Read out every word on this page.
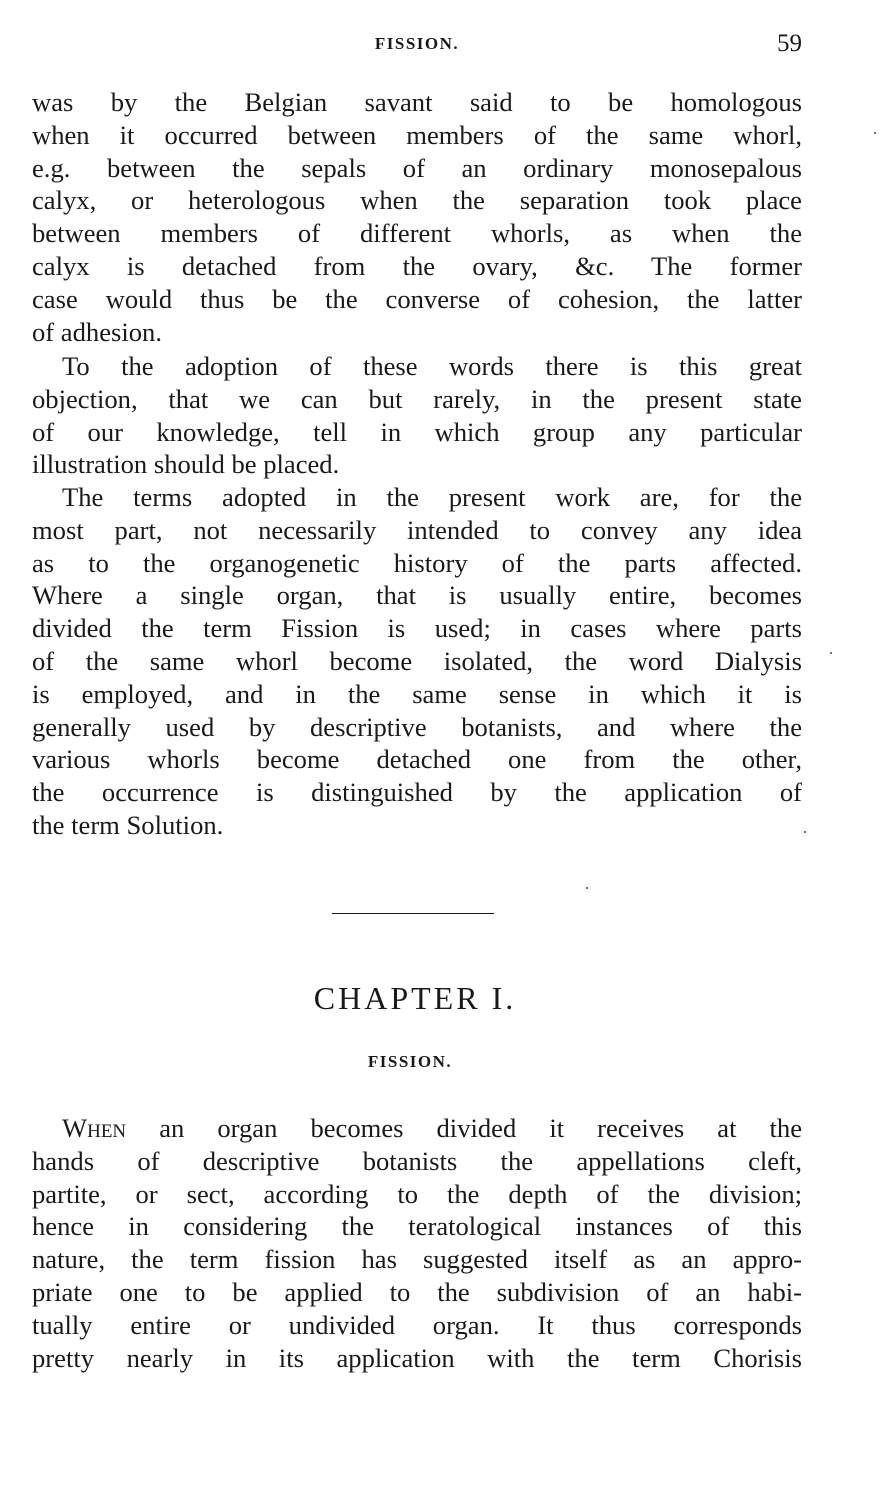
FISSION.	59
was by the Belgian savant said to be homologous
when it occurred between members of the same whorl,
e.g. between the sepals of an ordinary monosepalous
calyx, or heterologous when the separation took place
between members of different whorls, as when the
calyx is detached from the ovary, &c. The former
case would thus be the converse of cohesion, the latter
of adhesion.
To the adoption of these words there is this great
objection, that we can but rarely, in the present state
of our knowledge, tell in which group any particular
illustration should be placed.
The terms adopted in the present work are, for the
most part, not necessarily intended to convey any idea
as to the organogenetic history of the parts affected.
Where a single organ, that is usually entire, becomes
divided the term Fission is used; in cases where parts
of the same whorl become isolated, the word Dialysis
is employed, and in the same sense in which it is
generally used by descriptive botanists, and where the
various whorls become detached one from the other,
the occurrence is distinguished by the application of
the term Solution.
CHAPTER I.
FISSION.
When an organ becomes divided it receives at the
hands of descriptive botanists the appellations cleft,
partite, or sect, according to the depth of the division;
hence in considering the teratological instances of this
nature, the term fission has suggested itself as an appro-
priate one to be applied to the subdivision of an habi-
tually entire or undivided organ. It thus corresponds
pretty nearly in its application with the term Chorisis
